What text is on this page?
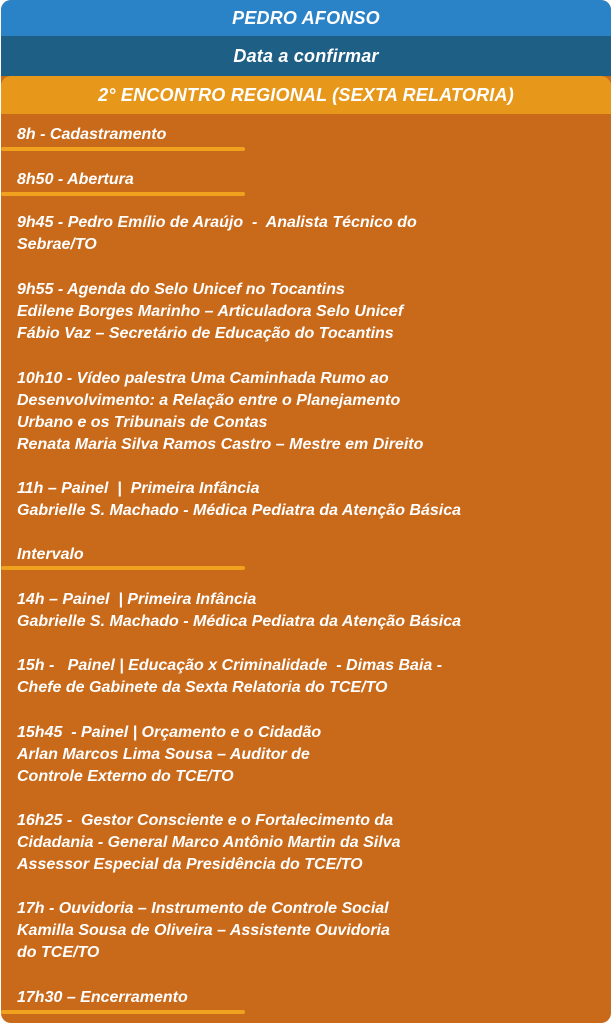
PEDRO AFONSO
Data a confirmar
2° ENCONTRO REGIONAL (SEXTA RELATORIA)
8h - Cadastramento
8h50 - Abertura
9h45 - Pedro Emílio de Araújo  -  Analista Técnico do
Sebrae/TO
9h55 - Agenda do Selo Unicef no Tocantins
Edilene Borges Marinho – Articuladora Selo Unicef
Fábio Vaz – Secretário de Educação do Tocantins
10h10 - Vídeo palestra Uma Caminhada Rumo ao
Desenvolvimento: a Relação entre o Planejamento
Urbano e os Tribunais de Contas
Renata Maria Silva Ramos Castro – Mestre em Direito
11h – Painel  |  Primeira Infância
Gabrielle S. Machado - Médica Pediatra da Atenção Básica
Intervalo
14h – Painel  | Primeira Infância
Gabrielle S. Machado - Médica Pediatra da Atenção Básica
15h -   Painel | Educação x Criminalidade  - Dimas Baia -
Chefe de Gabinete da Sexta Relatoria do TCE/TO
15h45  - Painel | Orçamento e o Cidadão
Arlan Marcos Lima Sousa – Auditor de
Controle Externo do TCE/TO
16h25 -  Gestor Consciente e o Fortalecimento da
Cidadania - General Marco Antônio Martin da Silva
Assessor Especial da Presidência do TCE/TO
17h - Ouvidoria – Instrumento de Controle Social
Kamilla Sousa de Oliveira – Assistente Ouvidoria
do TCE/TO
17h30 – Encerramento
